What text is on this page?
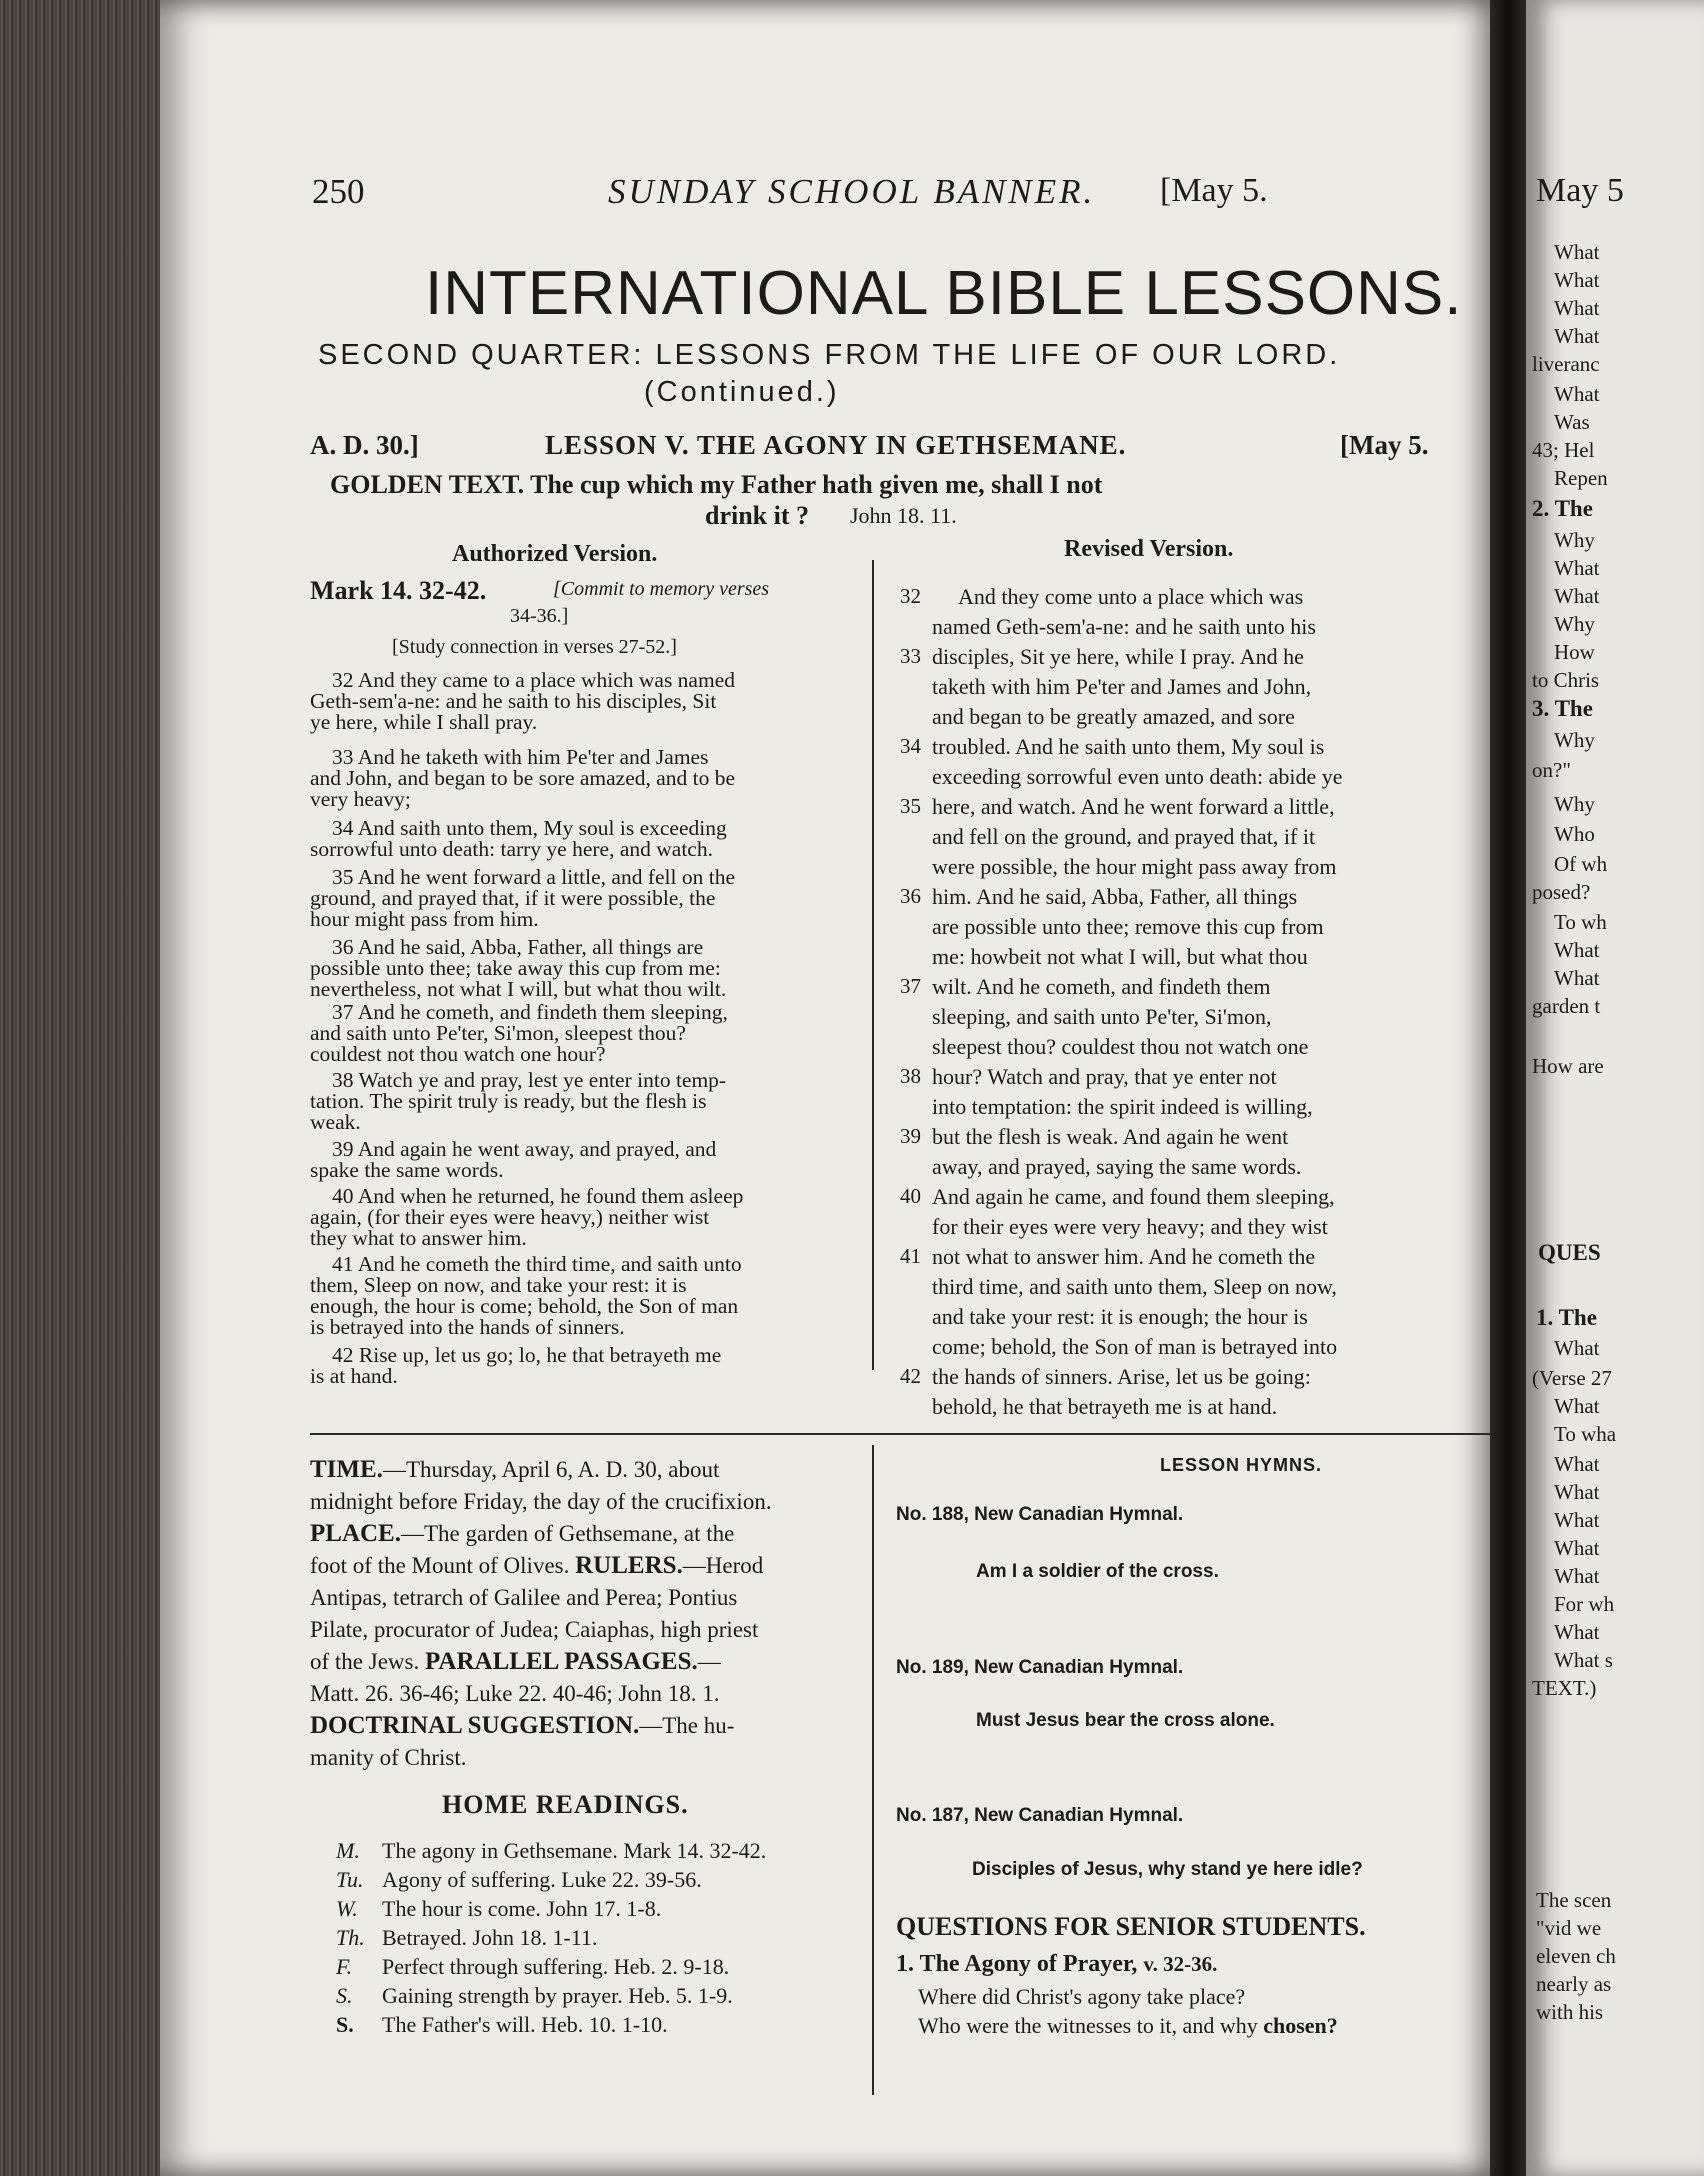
250	SUNDAY SCHOOL BANNER. [May 5.
INTERNATIONAL BIBLE LESSONS.
SECOND QUARTER: LESSONS FROM THE LIFE OF OUR LORD.
(Continued.)
A. D. 30.]	LESSON V. THE AGONY IN GETHSEMANE.	[May 5.
GOLDEN TEXT. The cup which my Father hath given me, shall I not
drink it ? John 18. 11.
Authorized Version.
Mark 14. 32-42.	[Commit to memory verses
34-36.]
[Study connection in verses 27-52.]
32 And they came to a place which was named
Geth-sem'a-ne: and he saith to his disciples, Sit
ye here, while I shall pray.
33 And he taketh with him Pe'ter and James
and John, and began to be sore amazed, and to be
very heavy;
34 And saith unto them, My soul is exceeding
sorrowful unto death: tarry ye here, and watch.
35 And he went forward a little, and fell on the
ground, and prayed that, if it were possible, the
hour might pass from him.
36 And he said, Abba, Father, all things are
possible unto thee; take away this cup from me:
nevertheless, not what I will, but what thou wilt.
37 And he cometh, and findeth them sleeping,
and saith unto Pe'ter, Si'mon, sleepest thou?
couldest not thou watch one hour?
38 Watch ye and pray, lest ye enter into temp-
tation. The spirit truly is ready, but the flesh is
weak.
39 And again he went away, and prayed, and
spake the same words.
40 And when he returned, he found them asleep
again, (for their eyes were heavy,) neither wist
they what to answer him.
41 And he cometh the third time, and saith unto
them, Sleep on now, and take your rest: it is
enough, the hour is come; behold, the Son of man
is betrayed into the hands of sinners.
42 Rise up, let us go; lo, he that betrayeth me
is at hand.
Revised Version.
32 And they come unto a place which was
named Geth-sem'a-ne: and he saith unto his
33 disciples, Sit ye here, while I pray. And he
taketh with him Pe'ter and James and John,
and began to be greatly amazed, and sore
34 troubled. And he saith unto them, My soul is
exceeding sorrowful even unto death: abide ye
35 here, and watch. And he went forward a little,
and fell on the ground, and prayed that, if it
were possible, the hour might pass away from
36 him. And he said, Abba, Father, all things
are possible unto thee; remove this cup from
me: howbeit not what I will, but what thou
37 wilt. And he cometh, and findeth them
sleeping, and saith unto Pe'ter, Si'mon,
sleepest thou? couldest thou not watch one
38 hour? Watch and pray, that ye enter not
into temptation: the spirit indeed is willing,
39 but the flesh is weak. And again he went
away, and prayed, saying the same words.
40 And again he came, and found them sleeping,
for their eyes were very heavy; and they wist
41 not what to answer him. And he cometh the
third time, and saith unto them, Sleep on now,
and take your rest: it is enough; the hour is
come; behold, the Son of man is betrayed into
42 the hands of sinners. Arise, let us be going:
behold, he that betrayeth me is at hand.
TIME.—Thursday, April 6, A. D. 30, about
midnight before Friday, the day of the crucifixion.
PLACE.—The garden of Gethsemane, at the
foot of the Mount of Olives. RULERS.—Herod
Antipas, tetrarch of Galilee and Perea; Pontius
Pilate, procurator of Judea; Caiaphas, high priest
of the Jews. PARALLEL PASSAGES.—
Matt. 26. 36-46; Luke 22. 40-46; John 18. 1.
DOCTRINAL SUGGESTION.—The hu-
manity of Christ.
HOME READINGS.
M. The agony in Gethsemane. Mark 14. 32-42.
Tu. Agony of suffering. Luke 22. 39-56.
W. The hour is come. John 17. 1-8.
Th. Betrayed. John 18. 1-11.
F. Perfect through suffering. Heb. 2. 9-18.
S. Gaining strength by prayer. Heb. 5. 1-9.
S. The Father's will. Heb. 10. 1-10.
LESSON HYMNS.
No. 188, New Canadian Hymnal.
Am I a soldier of the cross.
No. 189, New Canadian Hymnal.
Must Jesus bear the cross alone.
No. 187, New Canadian Hymnal.
Disciples of Jesus, why stand ye here idle?
QUESTIONS FOR SENIOR STUDENTS.
1. The Agony of Prayer, v. 32-36.
Where did Christ's agony take place?
Who were the witnesses to it, and why chosen?
May 5
What
What
What
What
liveranc
What
Was
43; Hel
Repen
2. The
Why
What
What
Why
How
to Chris
3. The
Why
on?"
Why
Who
Of wh
posed?
To wh
What
What
garden t
How are
QUES
1. The
What
(Verse 27
What
To wha
What
What
What
What
What
For wh
What
What s
TEXT.)
The scen
"vid we
eleven ch
nearly as
with his
